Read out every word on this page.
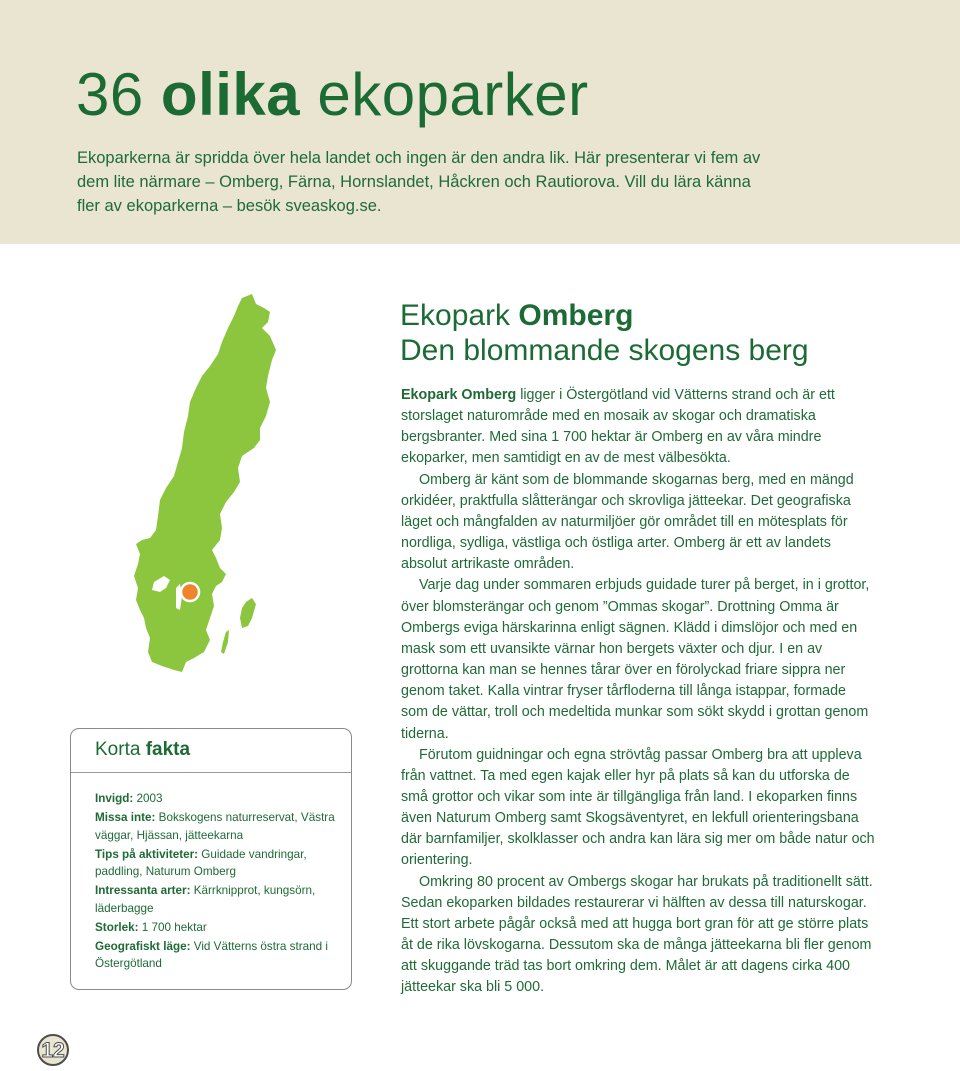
36 olika ekoparker

Ekoparkerna är spridda över hela landet och ingen är den andra lik. Här presenterar vi fem av dem lite närmare – Omberg, Färna, Hornslandet, Håckren och Rautiorova. Vill du lära känna fler av ekoparkerna – besök sveaskog.se.

Ekopark Omberg
Den blommande skogens berg

Ekopark Omberg ligger i Östergötland vid Vätterns strand och är ett storslaget naturområde med en mosaik av skogar och dramatiska bergsbranter. Med sina 1 700 hektar är Omberg en av våra mindre ekoparker, men samtidigt en av de mest välbesökta.

Omberg är känt som de blommande skogarnas berg, med en mängd orkidéer, praktfulla slåtterängar och skrovliga jätteekar. Det geografiska läget och mångfalden av naturmiljöer gör området till en mötesplats för nordliga, sydliga, västliga och östliga arter. Omberg är ett av landets absolut artrikaste områden.

Varje dag under sommaren erbjuds guidade turer på berget, in i grottor, över blomsterängar och genom ”Ommas skogar”. Drottning Omma är Ombergs eviga härskarinna enligt sägnen. Klädd i dimslöjor och med en mask som ett uvansikte värnar hon bergets växter och djur. I en av grottorna kan man se hennes tårar över en förolyckad friare sippra ner genom taket. Kalla vintrar fryser tårfloderna till långa istappar, formade som de vättar, troll och medeltida munkar som sökt skydd i grottan genom tiderna.

Förutom guidningar och egna strövtåg passar Omberg bra att uppleva från vattnet. Ta med egen kajak eller hyr på plats så kan du utforska de små grottor och vikar som inte är tillgängliga från land. I ekoparken finns även Naturum Omberg samt Skogsäventyret, en lekfull orienteringsbana där barnfamiljer, skolklasser och andra kan lära sig mer om både natur och orientering.

Omkring 80 procent av Ombergs skogar har brukats på traditionellt sätt. Sedan ekoparken bildades restaurerar vi hälften av dessa till naturskogar. Ett stort arbete pågår också med att hugga bort gran för att ge större plats åt de rika lövskogarna. Dessutom ska de många jätteekarna bli fler genom att skuggande träd tas bort omkring dem. Målet är att dagens cirka 400 jätteekar ska bli 5 000.

Korta fakta

Invigd: 2003

Missa inte: Bokskogens naturreservat, Västra väggar, Hjässan, jätteekarna

Tips på aktiviteter: Guidade vandringar, paddling, Naturum Omberg

Intressanta arter: Kärrknipprot, kungsörn, läderbagge

Storlek: 1 700 hektar

Geografiskt läge: Vid Vätterns östra strand i Östergötland

12
